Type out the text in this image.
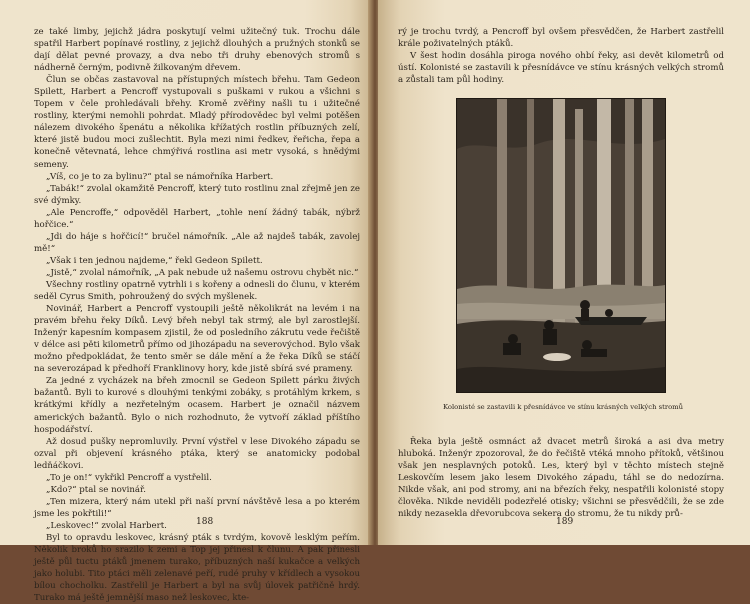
ze také limby, jejichž jádra poskytují velmi užitečný tuk. Trochu dále spatřil Harbert popínavé rostliny, z jejichž dlouhých a pružných stonků se dají dělat pevné provazy, a dva nebo tři druhy ebenových stromů s nádherně černým, podivně žilkovaným dřevem.

Člun se občas zastavoval na přístupných místech břehu. Tam Gedeon Spilett, Harbert a Pencroff vystupovali s puškami v rukou a všichni s Topem v čele prohledávali břehy. Kromě zvěřiny našli tu i užitečné rostliny, kterými nemohli pohrdat. Mladý přírodovědec byl velmi potěšen nálezem divokého špenátu a několika křížatých rostlin příbuzných zelí, které jistě budou moci zušlechtit. Byla mezi nimi ředkev, řeřicha, řepa a konečně větevnatá, lehce chmýřivá rostlina asi metr vysoká, s hnědými semeny.

„Víš, co je to za bylinu?“ ptal se námořníka Harbert.

„Tabák!“ zvolal okamžitě Pencroff, který tuto rostlinu znal zřejmě jen ze své dýmky.

„Ale Pencroffe,“ odpověděl Harbert, „tohle není žádný tabák, nýbrž hořčice.“

„Jdi do háje s hořčicí!“ bručel námořník. „Ale až najdeš tabák, zavolej mě!“

„Však i ten jednou najdeme,“ řekl Gedeon Spilett.

„Jistě,“ zvolal námořník, „A pak nebude už našemu ostrovu chybět nic.“

Všechny rostliny opatrně vytrhli i s kořeny a odnesli do člunu, v kterém seděl Cyrus Smith, pohroužený do svých myšlenek.

Novinář, Harbert a Pencroff vystoupili ještě několikrát na levém i na pravém břehu řeky Díků. Levý břeh nebyl tak strmý, ale byl zarostlejší. Inženýr kapesním kompasem zjistil, že od posledního zákrutu vede řečiště v délce asi pěti kilometrů přímo od jihozápadu na severovýchod. Bylo však možno předpokládat, že tento směr se dále mění a že řeka Díků se stáčí na severozápad k předhoří Franklinovy hory, kde jistě sbírá své prameny.

Za jedné z vycházek na břeh zmocnil se Gedeon Spilett párku živých bažantů. Byli to kurové s dlouhými tenkými zobáky, s protáhlým krkem, s krátkými křídly a nezřetelným ocasem. Harbert je označil názvem amerických bažantů. Bylo o nich rozhodnuto, že vytvoří základ příštího hospodářství.

Až dosud pušky nepromluvily. První výstřel v lese Divokého západu se ozval při objevení krásného ptáka, který se anatomicky podobal ledňáčkovi.

„To je on!“ vykřikl Pencroff a vystřelil.

„Kdo?“ ptal se novinář.

„Ten mizera, který nám utekl při naší první návštěvě lesa a po kterém jsme les pokřtili!“

„Leskovec!“ zvolal Harbert.

Byl to opravdu leskovec, krásný pták s tvrdým, kovově lesklým peřím. Několik broků ho srazilo k zemi a Top jej přinesl k člunu. A pak přinesli ještě půl tuctu ptáků jmenem turako, příbuzných naší kukačce a velkých jako holubi. Tito ptáci měli zelenavé peří, rudé pruhy v křídlech a vysokou bílou chocholku. Zastřelil je Harbert a byl na svůj úlovek patřičně hrdý. Turako má ještě jemnější maso než leskovec, kte-

188

rý je trochu tvrdý, a Pencroff byl ovšem přesvědčen, že Harbert zastřelil krále poživatelných ptáků.

V šest hodin dosáhla piroga nového ohbí řeky, asi devět kilometrů od ústí. Kolonisté se zastavili k přesnídávce ve stínu krásných velkých stromů a zůstali tam půl hodiny.

Kolonisté se zastavili k přesnídávce ve stínu krásných velkých stromů

Řeka byla ještě osmnáct až dvacet metrů široká a asi dva metry hluboká. Inženýr zpozoroval, že do řečiště vtéká mnoho přítoků, většinou však jen nesplavných potoků. Les, který byl v těchto místech stejně Leskovčím lesem jako lesem Divokého západu, táhl se do nedozírna. Nikde však, ani pod stromy, ani na březích řeky, nespatřili kolonisté stopy člověka. Nikde neviděli podezřelé otisky; všichni se přesvědčili, že se zde nikdy nezasekla dřevorubcova sekera do stromu, že tu nikdy prů-

189
